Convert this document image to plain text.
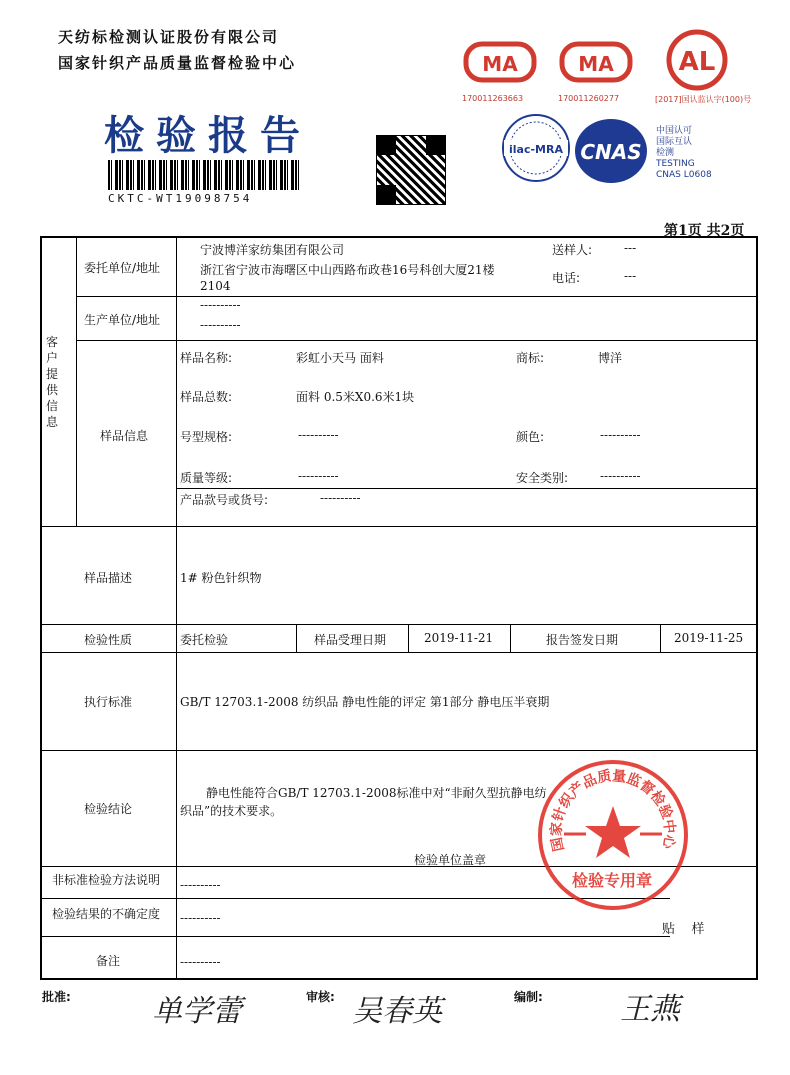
天纺标检测认证股份有限公司
国家针织产品质量监督检验中心
检验报告
CKTC-WT19098754
MA
170011263663
MA
170011260277
AL
[2017]国认监认字(100)号
ilac-MRA CNAS
中国认可
国际互认
检测
TESTING
CNAS L0608
第1页 共2页
客户提供信息
委托单位/地址
宁波博洋家纺集团有限公司
浙江省宁波市海曙区中山西路布政巷16号科创大厦21楼
2104
送样人:	---
电话:	---
生产单位/地址
----------
----------
样品信息
样品名称:	彩虹小天马 面料	商标:	博洋
样品总数:	面料 0.5米X0.6米1块
号型规格:	----------	颜色:	----------
质量等级:	----------	安全类别:	----------
产品款号或货号:	----------
样品描述	1# 粉色针织物
检验性质	委托检验	样品受理日期	2019-11-21	报告签发日期	2019-11-25
执行标准	GB/T 12703.1-2008 纺织品 静电性能的评定 第1部分 静电压半衰期
检验结论
静电性能符合GB/T 12703.1-2008标准中对“非耐久型抗静电纺
织品”的技术要求。
检验单位盖章
非标准检验方法说明 ----------
检验结果的不确定度 ----------
备注	----------
贴    样
国家针织产品质量监督检验中心
检验专用章
批准:	单学蕾	审核: 吴春英	编制:	王燕
